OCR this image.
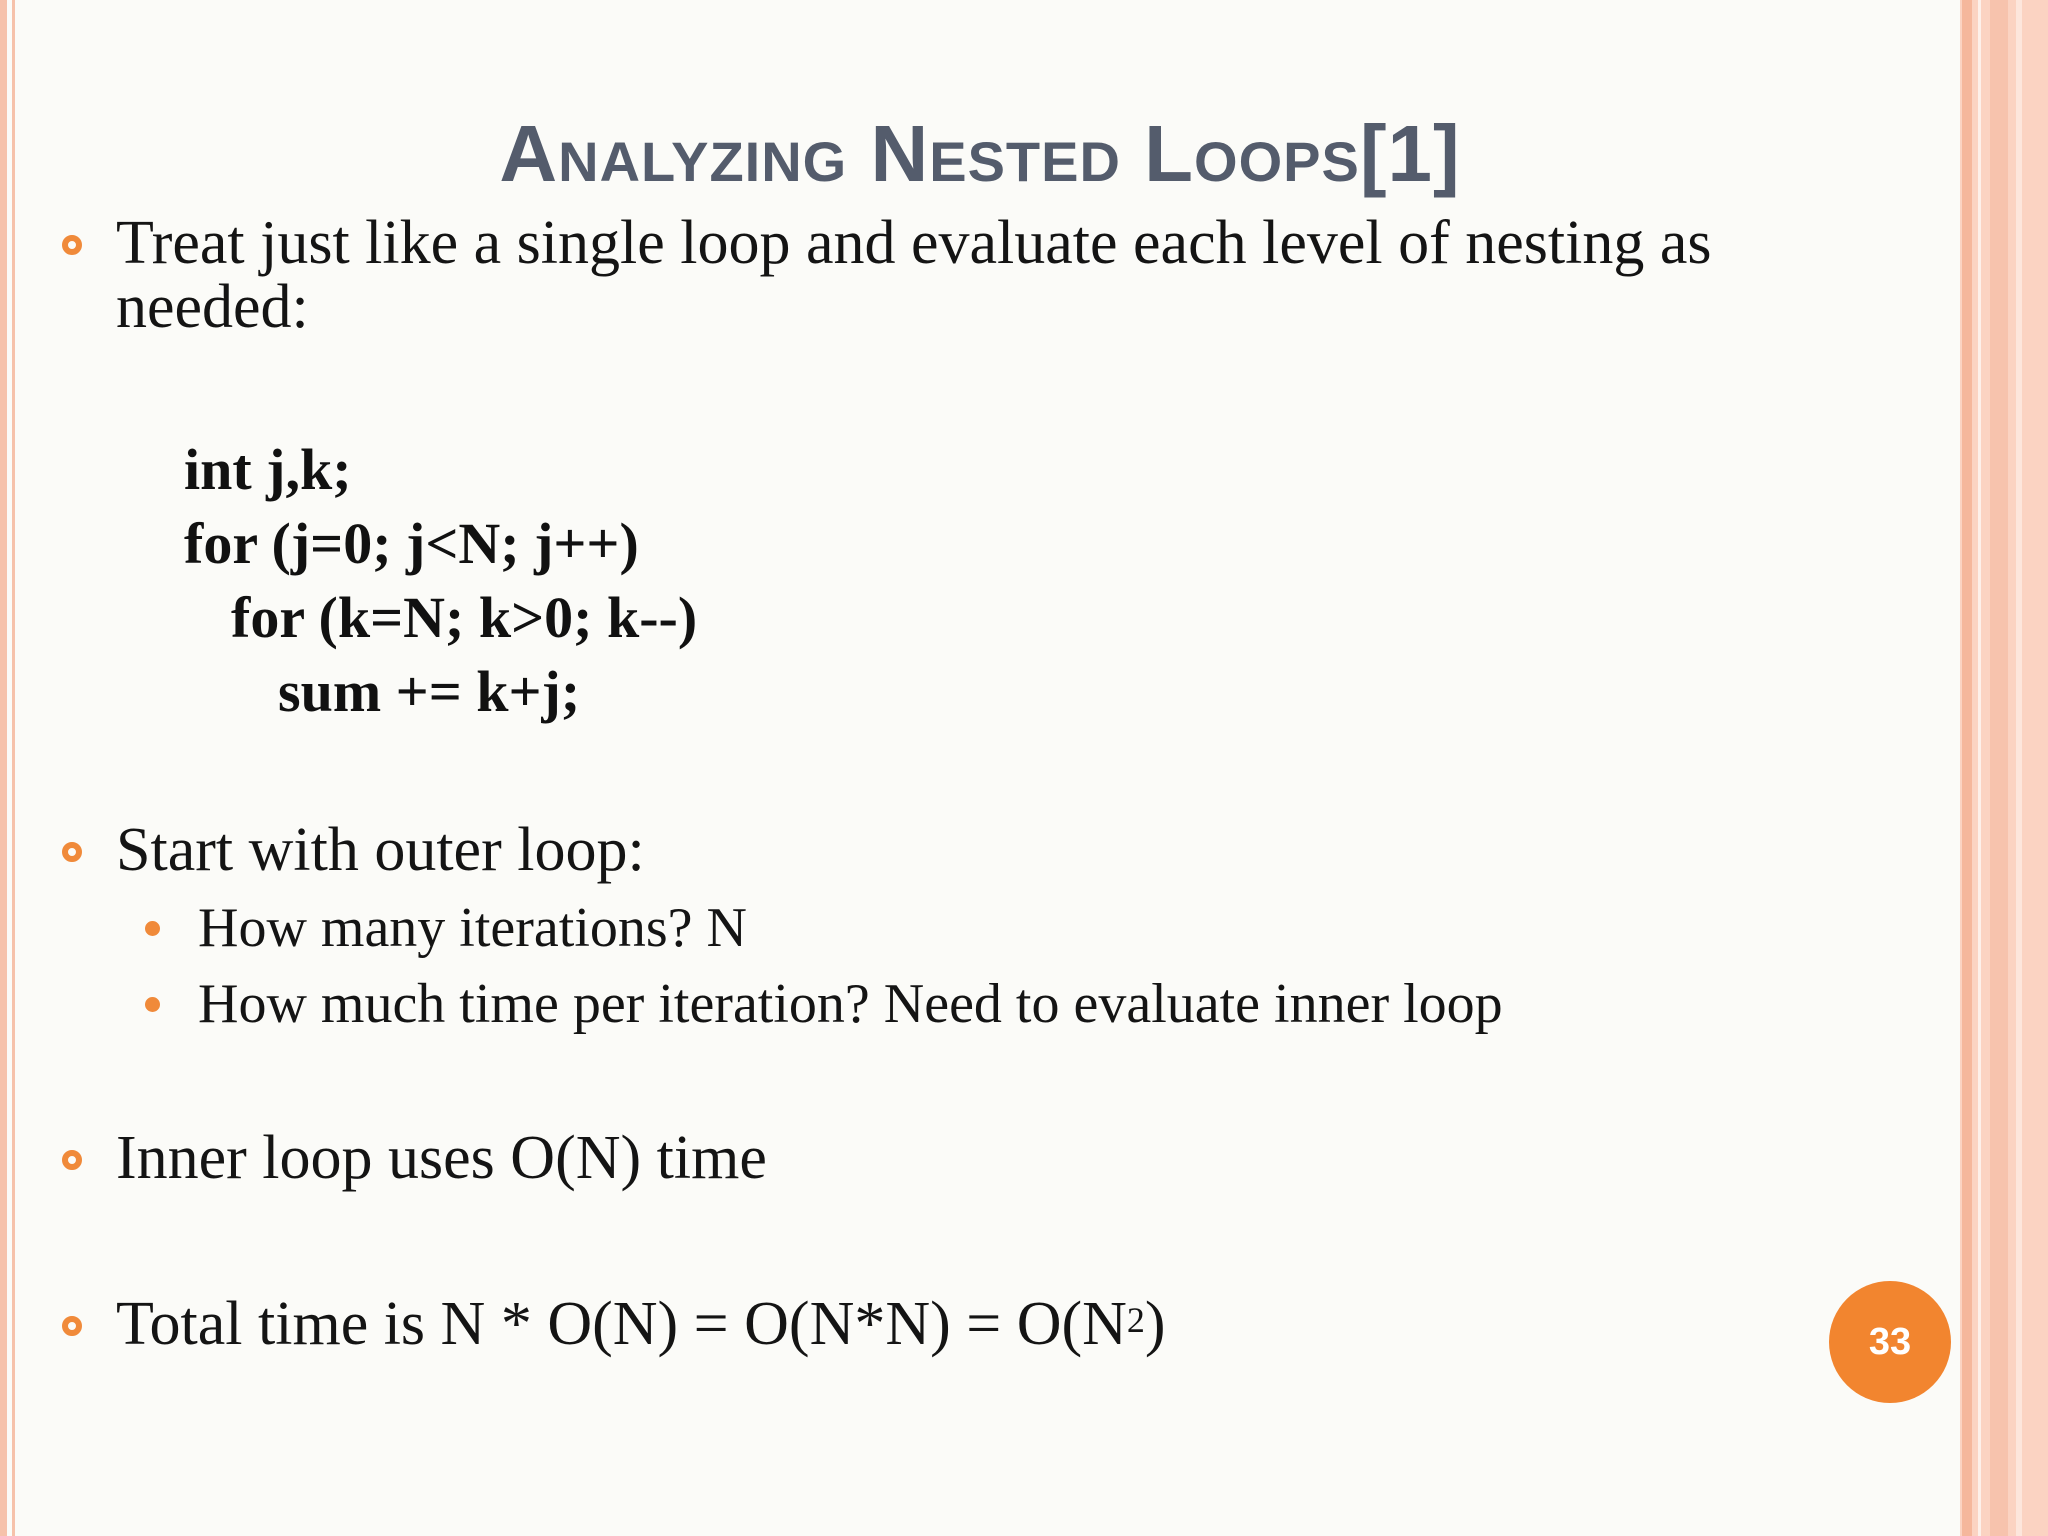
Analyzing Nested Loops[1]
Treat just like a single loop and evaluate each level of nesting as
needed:
int j,k;
for (j=0; j<N; j++)
for (k=N; k>0; k--)
sum += k+j;
Start with outer loop:
How many iterations? N
How much time per iteration? Need to evaluate inner loop
Inner loop uses O(N) time
Total time is $N * O(N) = O(N*N) = O(N^2)$	33
